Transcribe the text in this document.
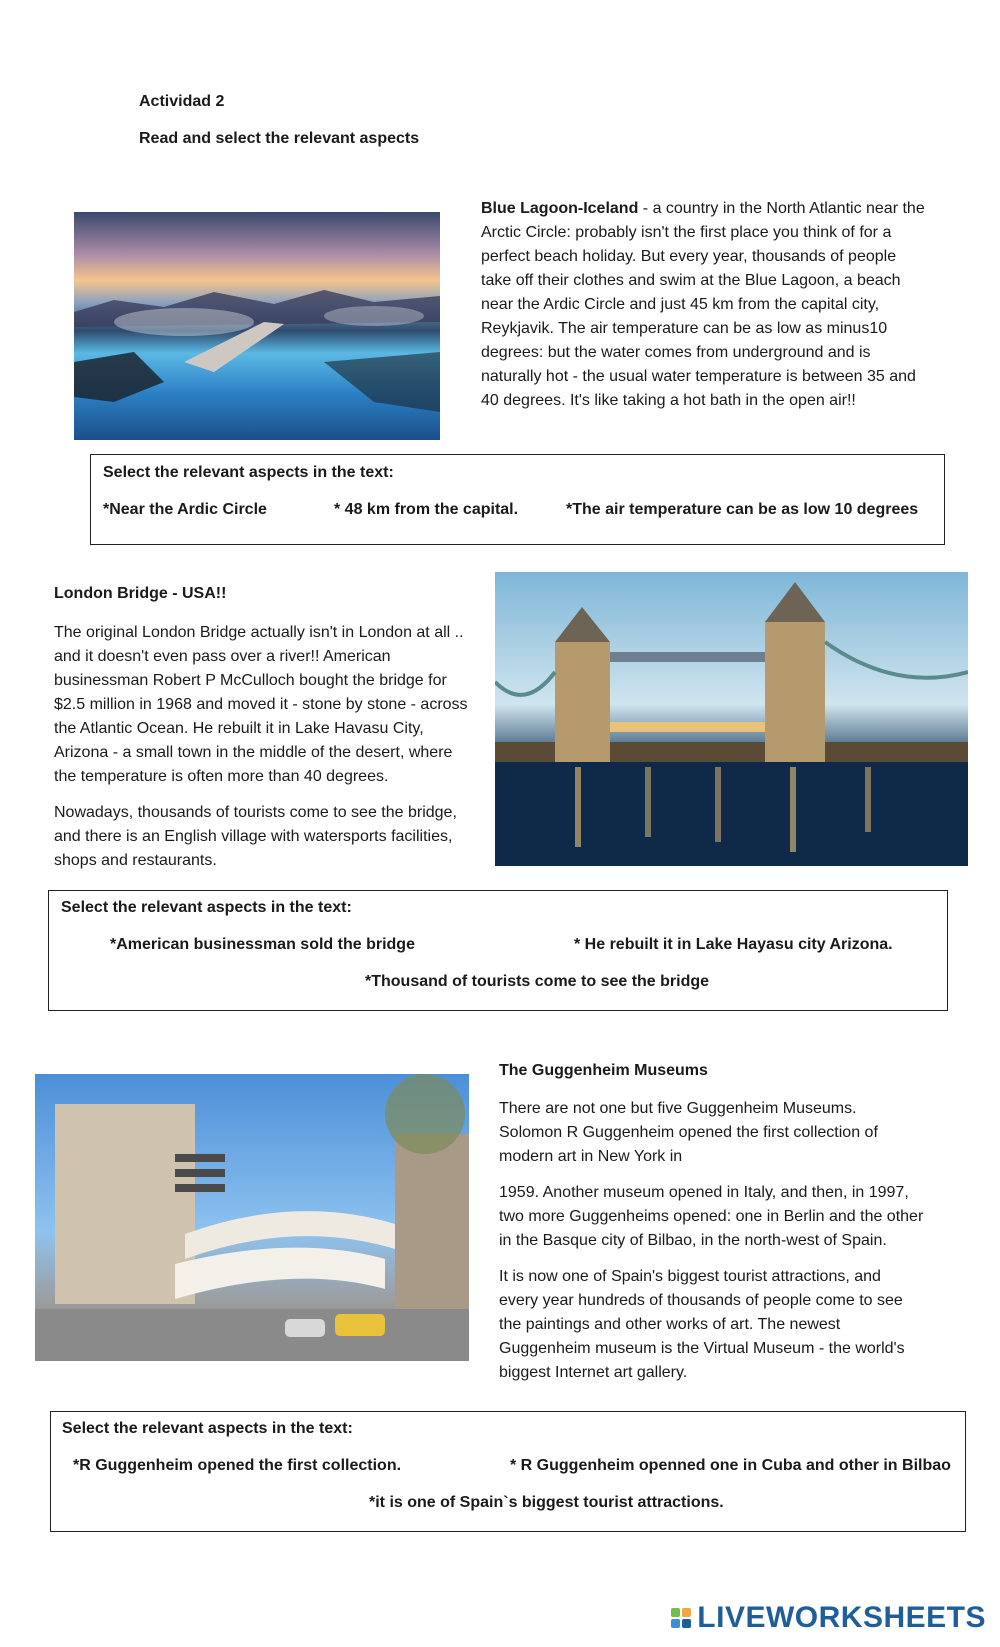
Actividad 2
Read and select the relevant aspects

Blue Lagoon-Iceland - a country in the North Atlantic near the Arctic Circle: probably isn't the first place you think of for a perfect beach holiday. But every year, thousands of people take off their clothes and swim at the Blue Lagoon, a beach near the Ardic Circle and just 45 km from the capital city, Reykjavik. The air temperature can be as low as minus10 degrees: but the water comes from underground and is naturally hot - the usual water temperature is between 35 and 40 degrees. It's like taking a hot bath in the open air!!

Select the relevant aspects in the text:
*Near the Ardic Circle	* 48 km from the capital.	*The air temperature can be as low 10 degrees
London Bridge - USA!!

The original London Bridge actually isn't in London at all .. and it doesn't even pass over a river!! American businessman Robert P McCulloch bought the bridge for $2.5 million in 1968 and moved it - stone by stone - across the Atlantic Ocean. He rebuilt it in Lake Havasu City, Arizona - a small town in the middle of the desert, where the temperature is often more than 40 degrees.

Nowadays, thousands of tourists come to see the bridge, and there is an English village with watersports facilities, shops and restaurants.

Select the relevant aspects in the text:
*American businessman sold the bridge	* He rebuilt it in Lake Hayasu city Arizona.
*Thousand of tourists come to see the bridge
The Guggenheim Museums

There are not one but five Guggenheim Museums. Solomon R Guggenheim opened the first collection of modern art in New York in

1959. Another museum opened in Italy, and then, in 1997, two more Guggenheims opened: one in Berlin and the other in the Basque city of Bilbao, in the north-west of Spain.

It is now one of Spain's biggest tourist attractions, and every year hundreds of thousands of people come to see the paintings and other works of art. The newest Guggenheim museum is the Virtual Museum - the world's biggest Internet art gallery.

Select the relevant aspects in the text:
*R Guggenheim opened the first collection.	* R Guggenheim openned one in Cuba and other in Bilbao
*it is one of Spain`s biggest tourist attractions.
LIVEWORKSHEETS
